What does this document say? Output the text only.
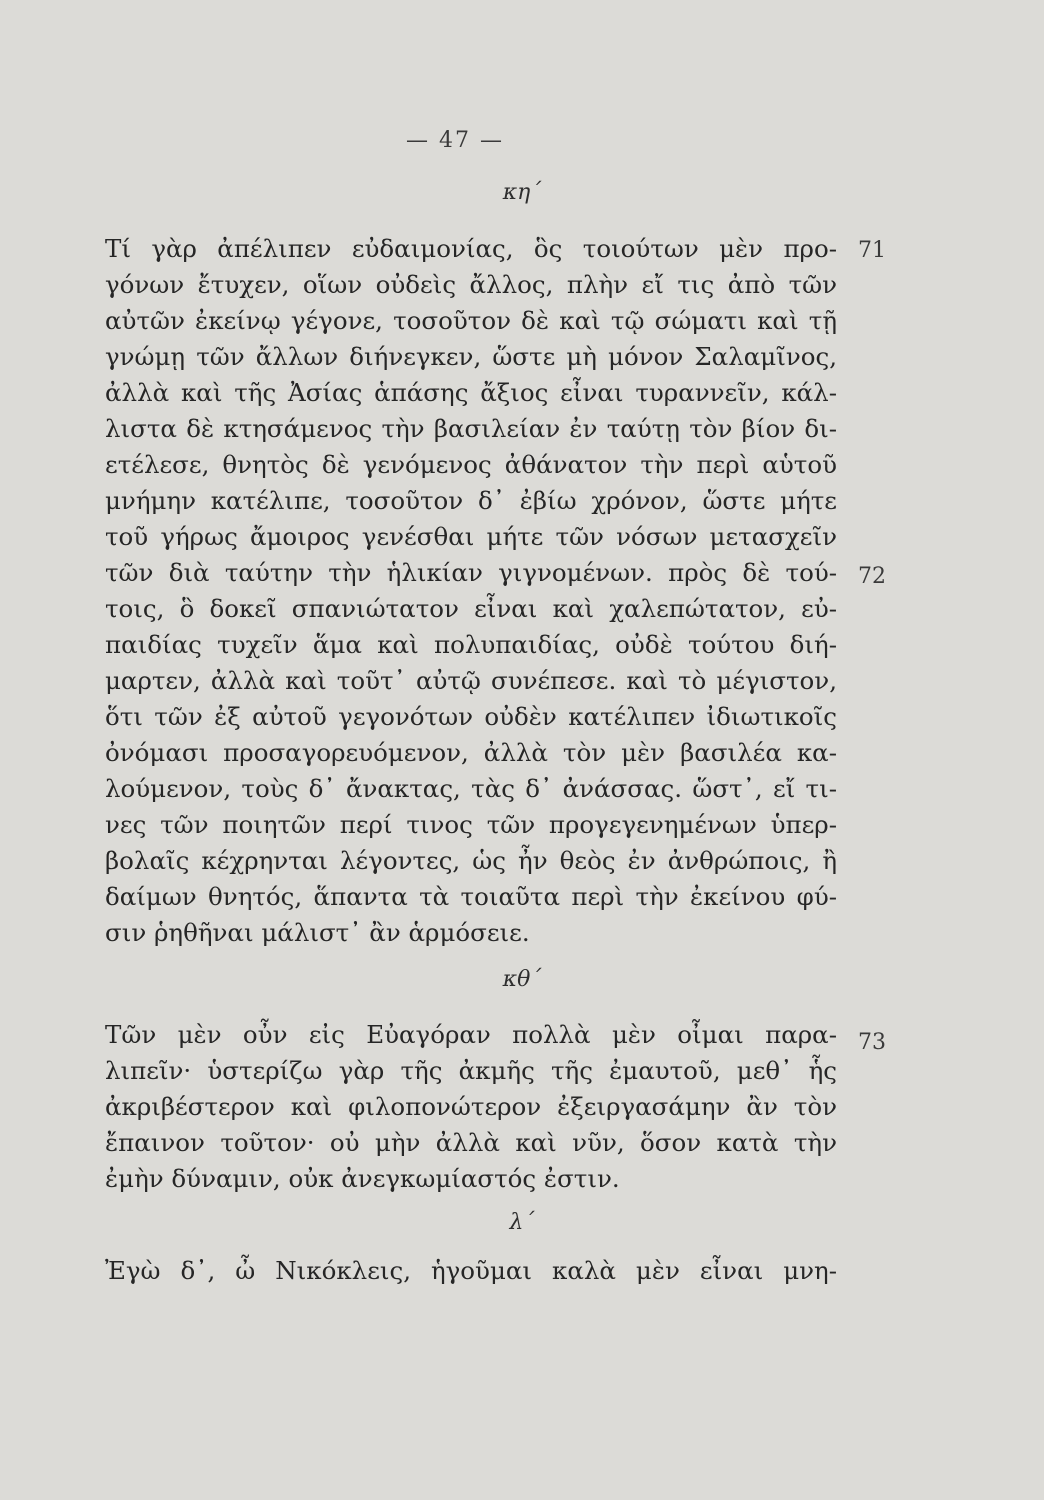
— 47 —
κη´
Τί γὰρ ἀπέλιπεν εὐδαιμονίας, ὃς τοιούτων μὲν προ-
γόνων ἔτυχεν, οἵων οὐδεὶς ἄλλος, πλὴν εἴ τις ἀπὸ τῶν
αὐτῶν ἐκείνῳ γέγονε, τοσοῦτον δὲ καὶ τῷ σώματι καὶ τῇ
γνώμῃ τῶν ἄλλων διήνεγκεν, ὥστε μὴ μόνον Σαλαμῖνος,
ἀλλὰ καὶ τῆς Ἀσίας ἁπάσης ἄξιος εἶναι τυραννεῖν, κάλ-
λιστα δὲ κτησάμενος τὴν βασιλείαν ἐν ταύτῃ τὸν βίον δι-
ετέλεσε, θνητὸς δὲ γενόμενος ἀθάνατον τὴν περὶ αὑτοῦ
μνήμην κατέλιπε, τοσοῦτον δ᾽ ἐβίω χρόνον, ὥστε μήτε
τοῦ γήρως ἄμοιρος γενέσθαι μήτε τῶν νόσων μετασχεῖν
τῶν διὰ ταύτην τὴν ἡλικίαν γιγνομένων. πρὸς δὲ τού-
τοις, ὃ δοκεῖ σπανιώτατον εἶναι καὶ χαλεπώτατον, εὐ-
παιδίας τυχεῖν ἅμα καὶ πολυπαιδίας, οὐδὲ τούτου διή-
μαρτεν, ἀλλὰ καὶ τοῦτ᾽ αὐτῷ συνέπεσε. καὶ τὸ μέγιστον,
ὅτι τῶν ἐξ αὐτοῦ γεγονότων οὐδὲν κατέλιπεν ἰδιωτικοῖς
ὀνόμασι προσαγορευόμενον, ἀλλὰ τὸν μὲν βασιλέα κα-
λούμενον, τοὺς δ᾽ ἄνακτας, τὰς δ᾽ ἀνάσσας. ὥστ᾽, εἴ τι-
νες τῶν ποιητῶν περί τινος τῶν προγεγενημένων ὑπερ-
βολαῖς κέχρηνται λέγοντες, ὡς ἦν θεὸς ἐν ἀνθρώποις, ἢ
δαίμων θνητός, ἅπαντα τὰ τοιαῦτα περὶ τὴν ἐκείνου φύ-
σιν ῥηθῆναι μάλιστ᾽ ἂν ἁρμόσειε.
71
72
κθ´
Τῶν μὲν οὖν εἰς Εὐαγόραν πολλὰ μὲν οἶμαι παρα-
λιπεῖν· ὑστερίζω γὰρ τῆς ἀκμῆς τῆς ἐμαυτοῦ, μεθ᾽ ἧς
ἀκριβέστερον καὶ φιλοπονώτερον ἐξειργασάμην ἂν τὸν
ἔπαινον τοῦτον· οὐ μὴν ἀλλὰ καὶ νῦν, ὅσον κατὰ τὴν
ἐμὴν δύναμιν, οὐκ ἀνεγκωμίαστός ἐστιν.
73
λ´
Ἐγὼ δ᾽, ὦ Νικόκλεις, ἡγοῦμαι καλὰ μὲν εἶναι μνη-
